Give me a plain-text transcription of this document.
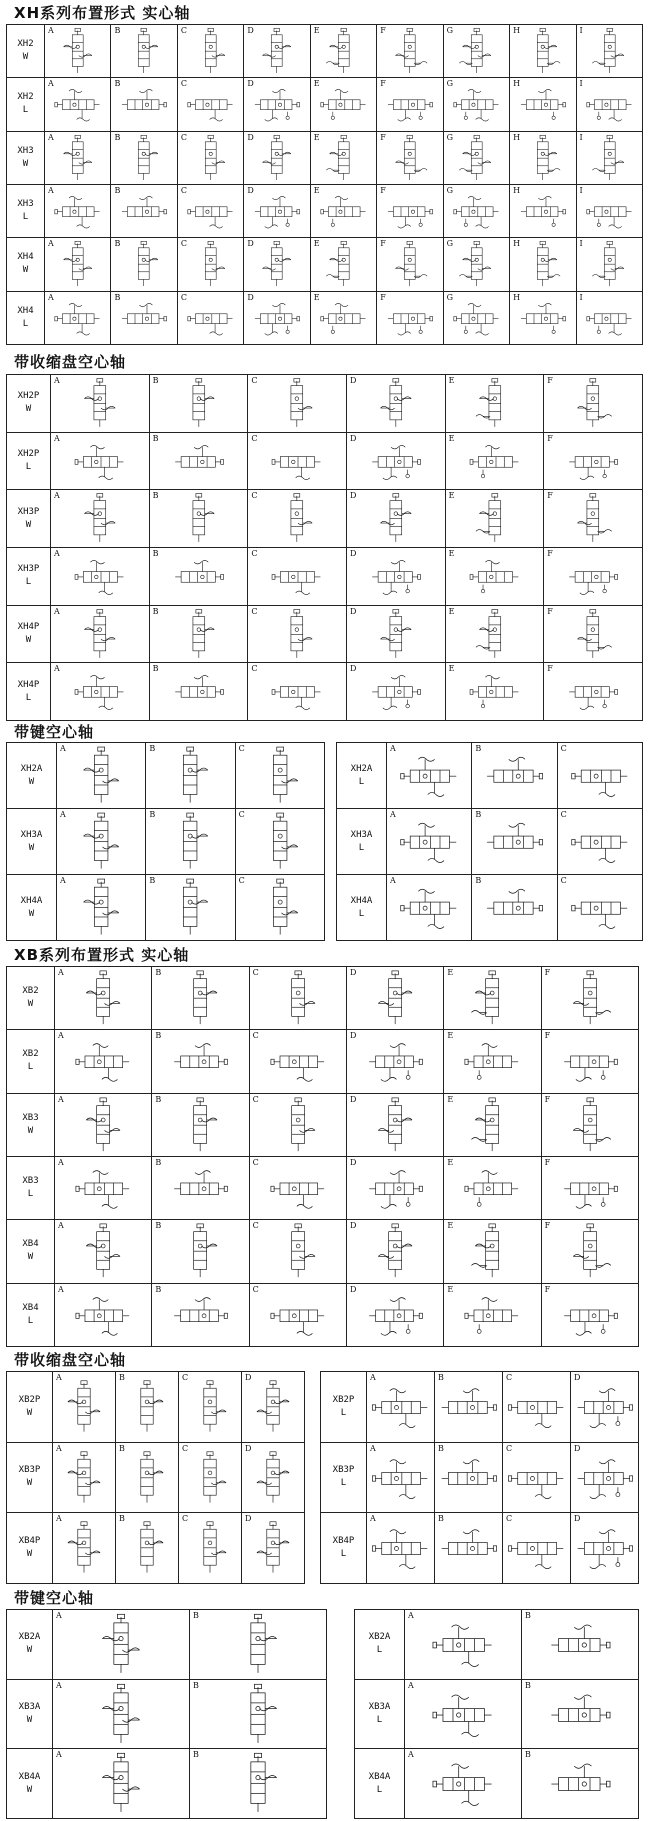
XH系列布置形式 实心轴
XH2
W	A	B	C	D	E	F	G	H	I

XH2
L	A	B	C	D	E	F	G	H	I

XH3
W	A	B	C	D	E	F	G	H	I

XH3
L	A	B	C	D	E	F	G	H	I

XH4
W	A	B	C	D	E	F	G	H	I

XH4
L	A	B	C	D	E	F	G	H	I
带收缩盘空心轴
XH2P
W	A	B	C	D	E	F

XH2P
L	A	B	C	D	E	F

XH3P
W	A	B	C	D	E	F

XH3P
L	A	B	C	D	E	F

XH4P
W	A	B	C	D	E	F

XH4P
L	A	B	C	D	E	F
带键空心轴
XH2A
W	A	B	C

XH3A
W	A	B	C

XH4A
W	A	B	C
XH2A
L	A	B	C

XH3A
L	A	B	C

XH4A
L	A	B	C
XB系列布置形式 实心轴
XB2
W	A	B	C	D	E	F

XB2
L	A	B	C	D	E	F

XB3
W	A	B	C	D	E	F

XB3
L	A	B	C	D	E	F

XB4
W	A	B	C	D	E	F

XB4
L	A	B	C	D	E	F
带收缩盘空心轴
XB2P
W	A	B	C	D

XB3P
W	A	B	C	D

XB4P
W	A	B	C	D
XB2P
L	A	B	C	D

XB3P
L	A	B	C	D

XB4P
L	A	B	C	D
带键空心轴
XB2A
W	A	B

XB3A
W	A	B

XB4A
W	A	B
XB2A
L	A	B

XB3A
L	A	B

XB4A
L	A	B
